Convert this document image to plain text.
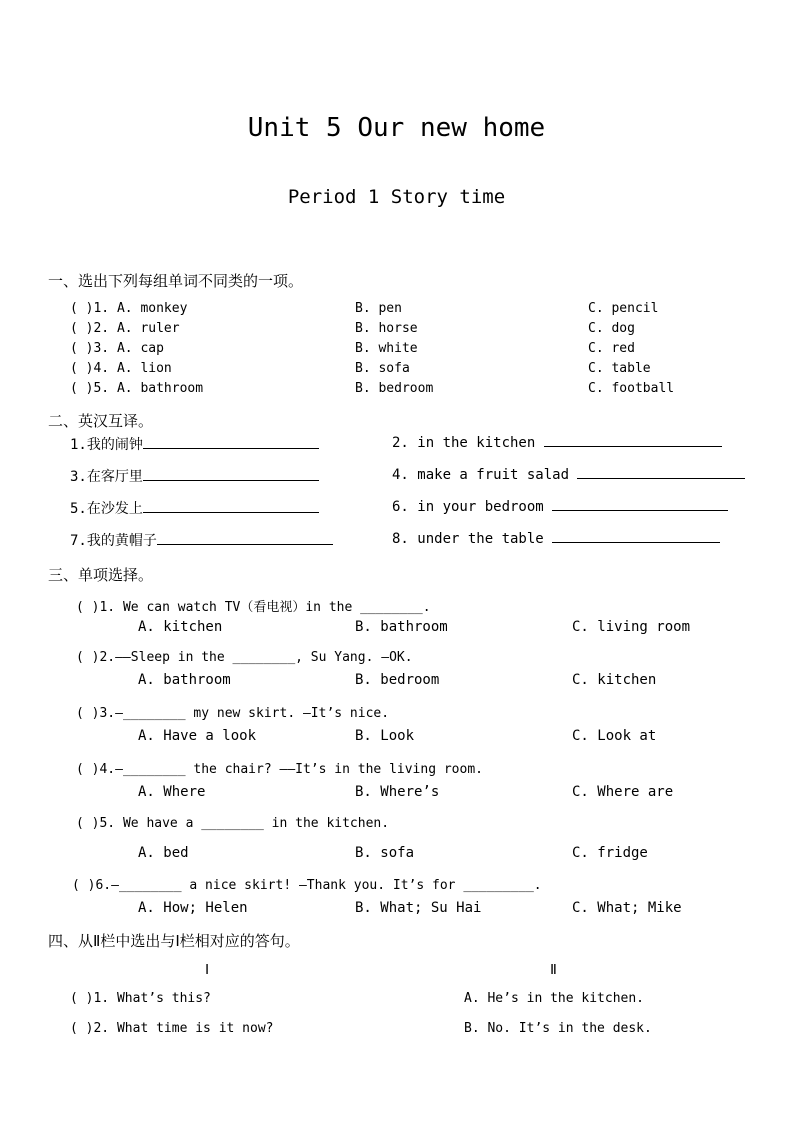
Unit 5 Our new home
Period 1 Story time
一、选出下列每组单词不同类的一项。
( )1. A. monkey	B. pen	C. pencil
( )2. A. ruler	B. horse	C. dog
( )3. A. cap	B. white	C. red
( )4. A. lion	B. sofa	C. table
( )5. A. bathroom	B. bedroom	C. football
二、英汉互译。
1.我的闹钟	2. in the kitchen
3.在客厅里	4. make a fruit salad
5.在沙发上	6. in your bedroom
7.我的黄帽子	8. under the table
三、单项选择。
( )1. We can watch TV（看电视）in the ________.
A. kitchen	B. bathroom	C. living room
( )2.——Sleep in the ________, Su Yang. —OK.
A. bathroom	B. bedroom	C. kitchen
( )3.—________ my new skirt. —It’s nice.
A. Have a look	B. Look	C. Look at
( )4.—________ the chair? ——It’s in the living room.
A. Where	B. Where’s	C. Where are
( )5. We have a ________ in the kitchen.
A. bed	B. sofa	C. fridge
( )6.—________ a nice skirt! —Thank you. It’s for _________.
A. How; Helen	B. What; Su Hai	C. What; Mike
四、从Ⅱ栏中选出与Ⅰ栏相对应的答句。
Ⅰ	Ⅱ
( )1. What’s this?	A. He’s in the kitchen.
( )2. What time is it now?	B. No. It’s in the desk.
